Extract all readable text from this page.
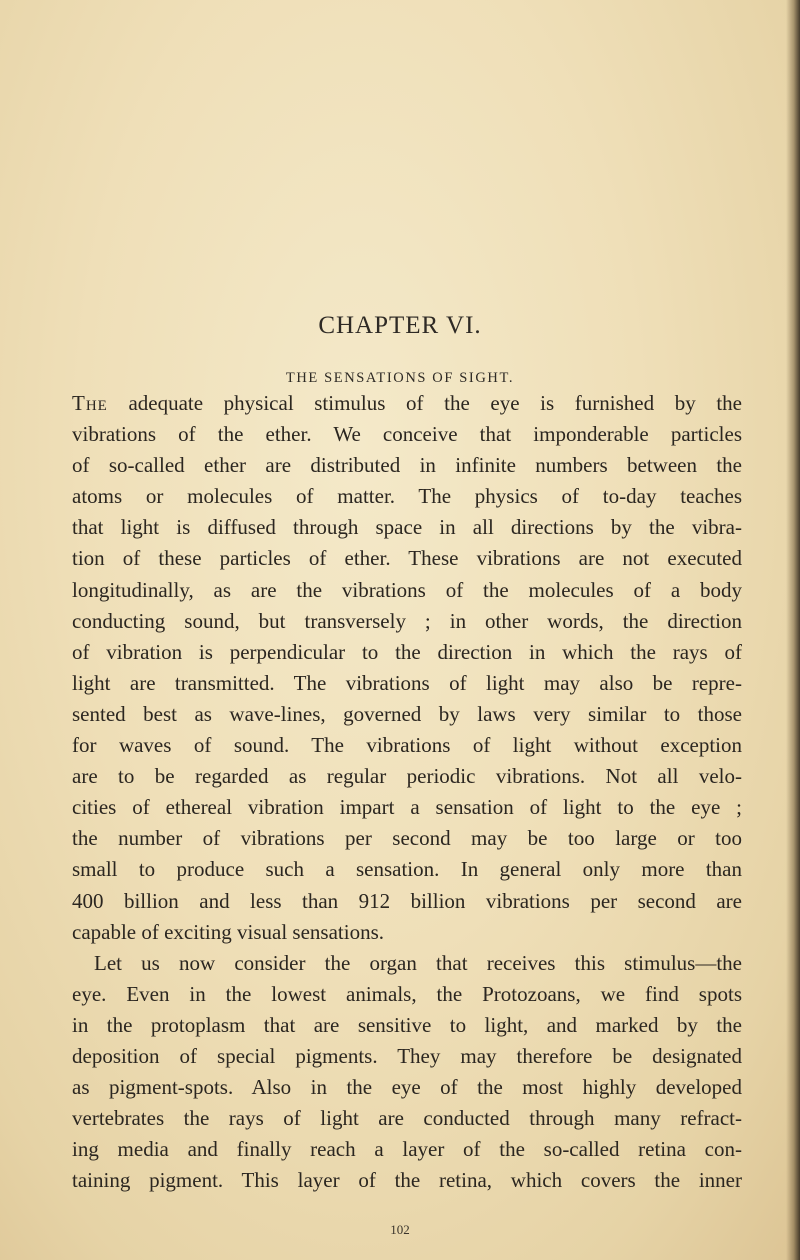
CHAPTER VI.
THE SENSATIONS OF SIGHT.
The adequate physical stimulus of the eye is furnished by the
vibrations of the ether. We conceive that imponderable particles
of so-called ether are distributed in infinite numbers between the
atoms or molecules of matter. The physics of to-day teaches
that light is diffused through space in all directions by the vibra-
tion of these particles of ether. These vibrations are not executed
longitudinally, as are the vibrations of the molecules of a body
conducting sound, but transversely ; in other words, the direction
of vibration is perpendicular to the direction in which the rays of
light are transmitted. The vibrations of light may also be repre-
sented best as wave-lines, governed by laws very similar to those
for waves of sound. The vibrations of light without exception
are to be regarded as regular periodic vibrations. Not all velo-
cities of ethereal vibration impart a sensation of light to the eye ;
the number of vibrations per second may be too large or too
small to produce such a sensation. In general only more than
400 billion and less than 912 billion vibrations per second are
capable of exciting visual sensations.
Let us now consider the organ that receives this stimulus—the
eye. Even in the lowest animals, the Protozoans, we find spots
in the protoplasm that are sensitive to light, and marked by the
deposition of special pigments. They may therefore be designated
as pigment-spots. Also in the eye of the most highly developed
vertebrates the rays of light are conducted through many refract-
ing media and finally reach a layer of the so-called retina con-
taining pigment. This layer of the retina, which covers the inner
102
